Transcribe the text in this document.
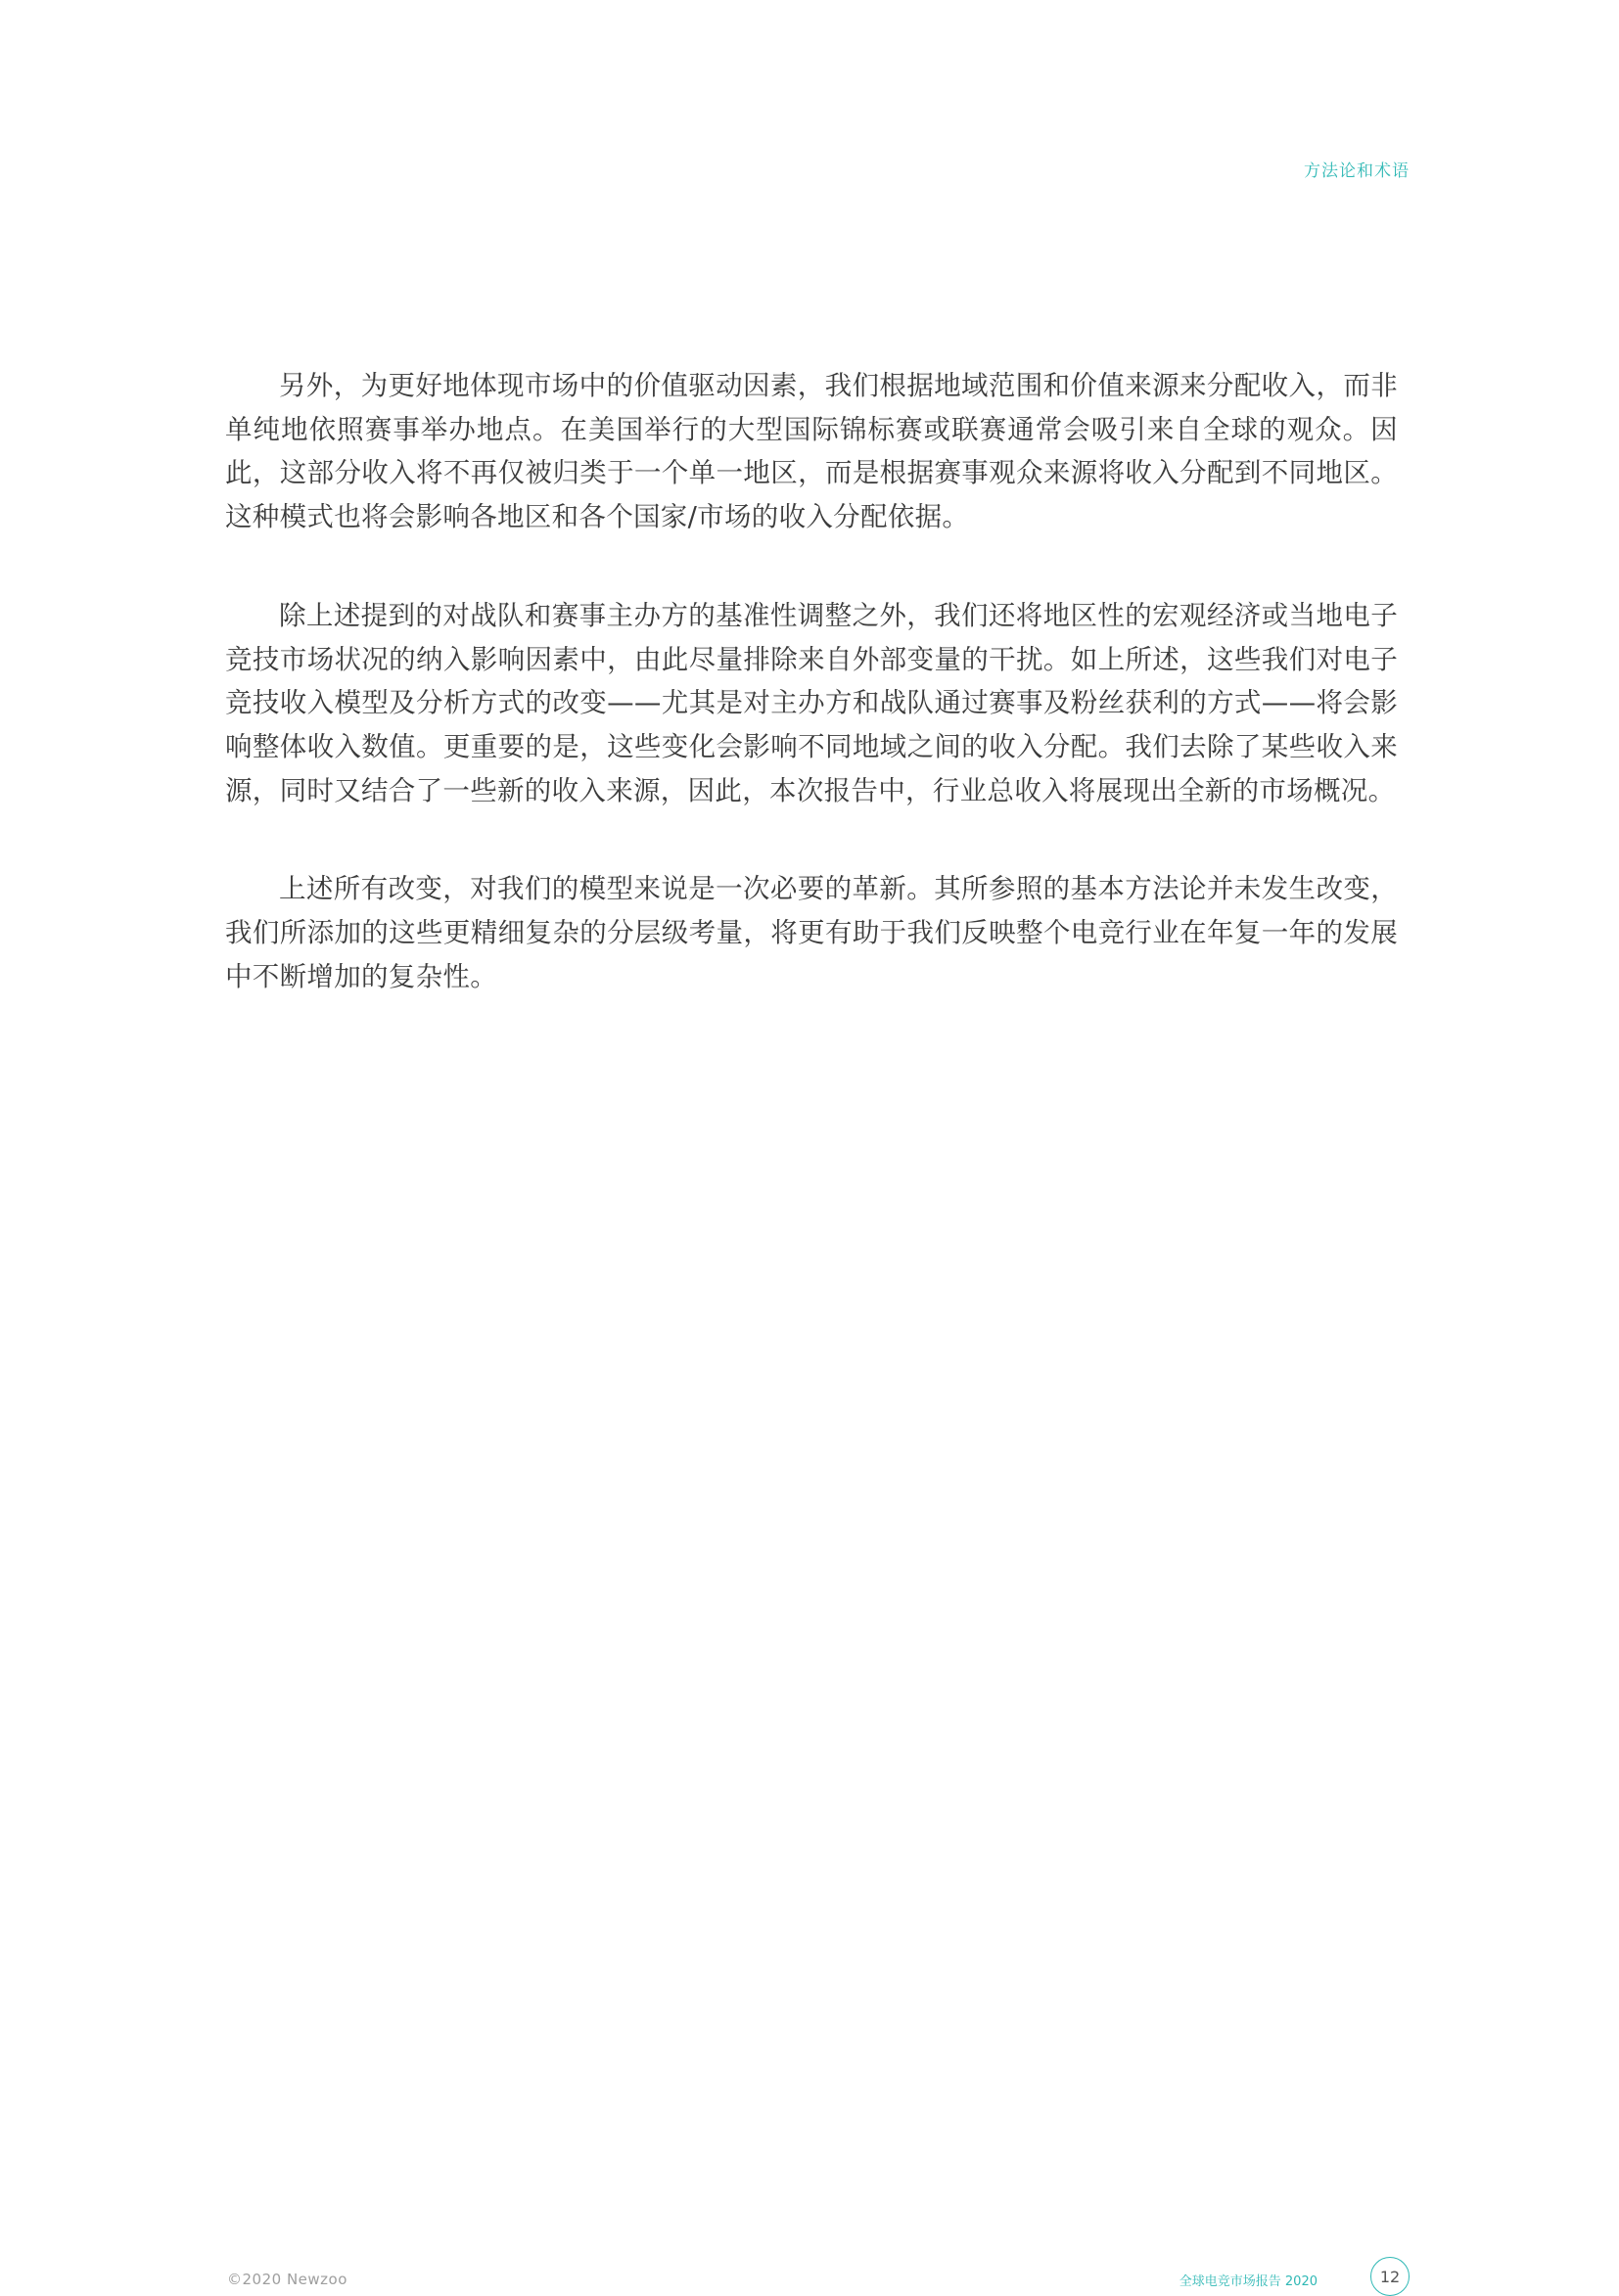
方法论和术语

另外，为更好地体现市场中的价值驱动因素，我们根据地域范围和价值来源来分配收入，而非单纯地依照赛事举办地点。在美国举行的大型国际锦标赛或联赛通常会吸引来自全球的观众。因此，这部分收入将不再仅被归类于一个单一地区，而是根据赛事观众来源将收入分配到不同地区。这种模式也将会影响各地区和各个国家/市场的收入分配依据。

除上述提到的对战队和赛事主办方的基准性调整之外，我们还将地区性的宏观经济或当地电子竞技市场状况的纳入影响因素中，由此尽量排除来自外部变量的干扰。如上所述，这些我们对电子竞技收入模型及分析方式的改变——尤其是对主办方和战队通过赛事及粉丝获利的方式——将会影响整体收入数值。更重要的是，这些变化会影响不同地域之间的收入分配。我们去除了某些收入来源，同时又结合了一些新的收入来源，因此，本次报告中，行业总收入将展现出全新的市场概况。

上述所有改变，对我们的模型来说是一次必要的革新。其所参照的基本方法论并未发生改变，我们所添加的这些更精细复杂的分层级考量，将更有助于我们反映整个电竞行业在年复一年的发展中不断增加的复杂性。

©2020 Newzoo	全球电竞市场报告 2020	12
